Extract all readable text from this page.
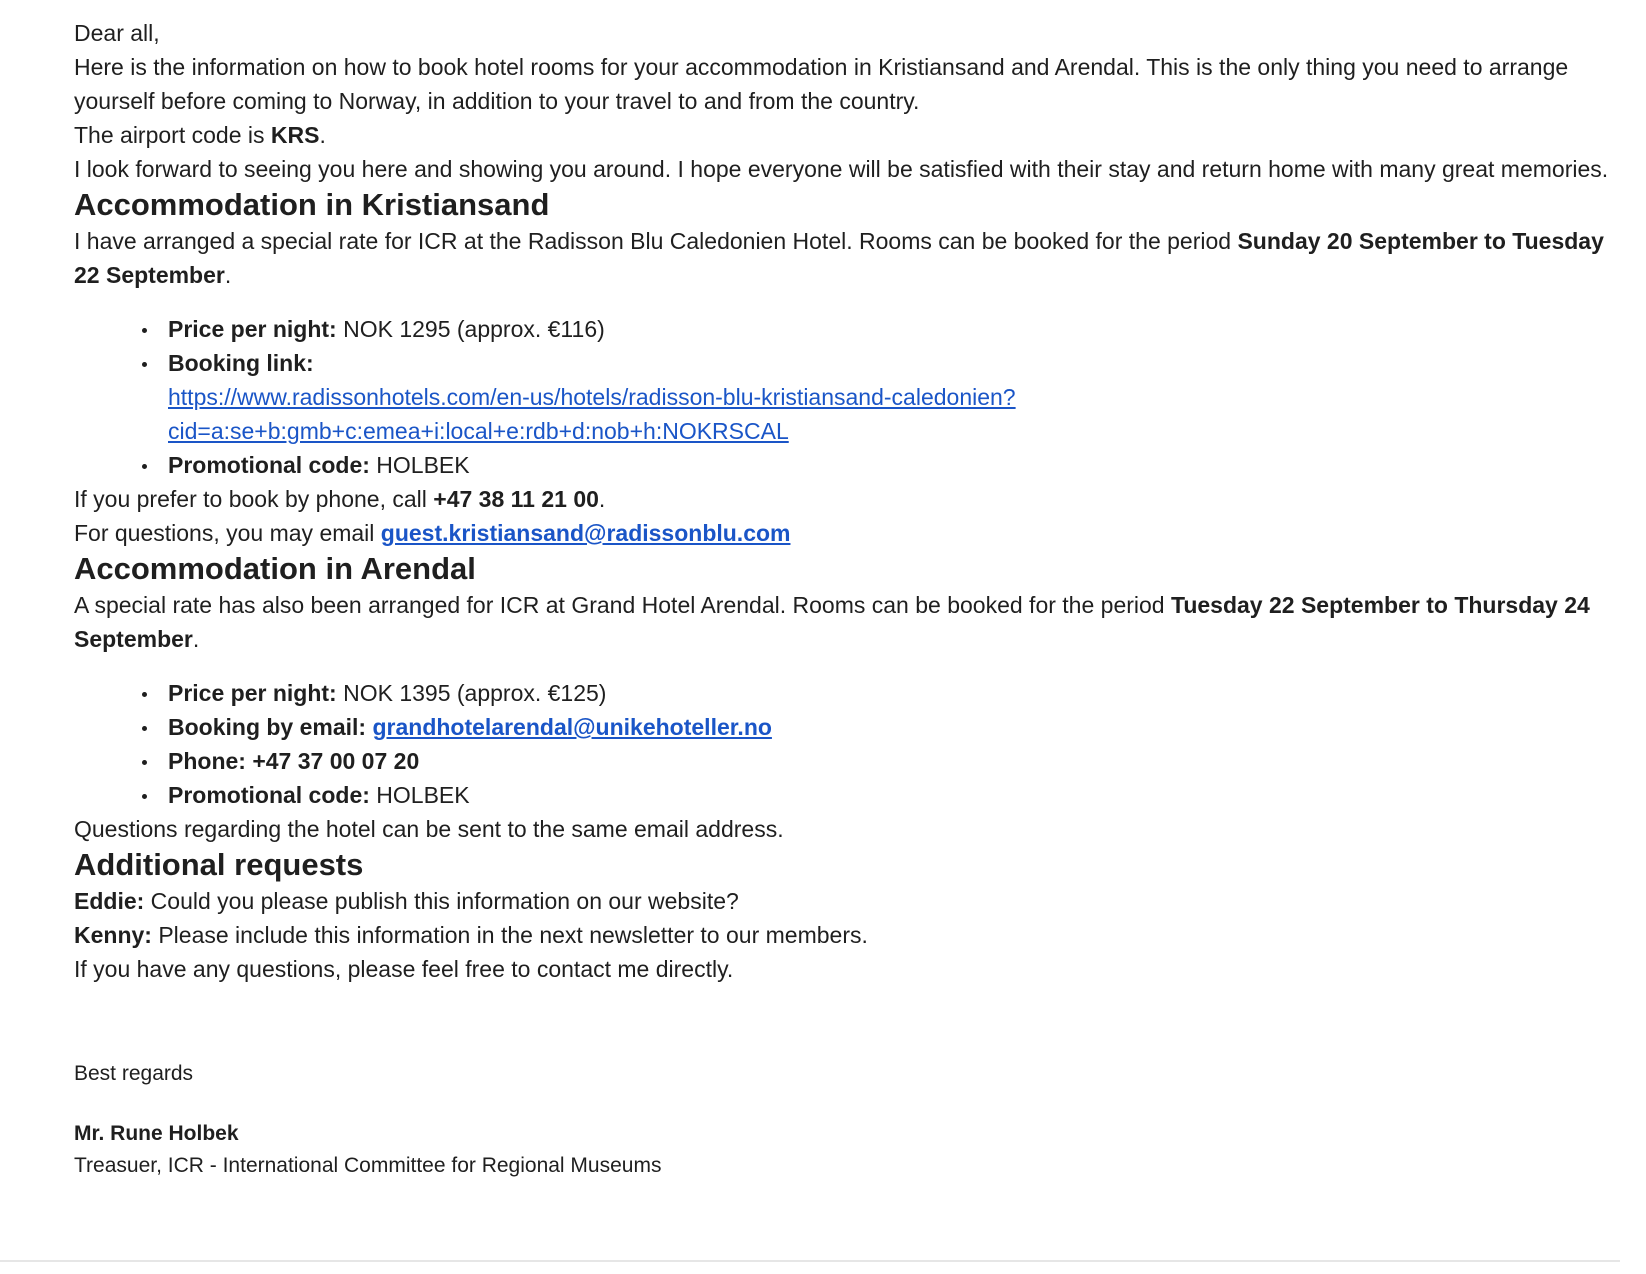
Dear all,

Here is the information on how to book hotel rooms for your accommodation in Kristiansand and Arendal. This is the only thing you need to arrange yourself before coming to Norway, in addition to your travel to and from the country.

The airport code is KRS.

I look forward to seeing you here and showing you around. I hope everyone will be satisfied with their stay and return home with many great memories.

Accommodation in Kristiansand

I have arranged a special rate for ICR at the Radisson Blu Caledonien Hotel. Rooms can be booked for the period Sunday 20 September to Tuesday 22 September.

Price per night: NOK 1295 (approx. €116)
Booking link:
https://www.radissonhotels.com/en-us/hotels/radisson-blu-kristiansand-caledonien?cid=a:se+b:gmb+c:emea+i:local+e:rdb+d:nob+h:NOKRSCAL
Promotional code: HOLBEK

If you prefer to book by phone, call +47 38 11 21 00.

For questions, you may email guest.kristiansand@radissonblu.com

Accommodation in Arendal

A special rate has also been arranged for ICR at Grand Hotel Arendal. Rooms can be booked for the period Tuesday 22 September to Thursday 24 September.

Price per night: NOK 1395 (approx. €125)
Booking by email: grandhotelarendal@unikehoteller.no
Phone: +47 37 00 07 20
Promotional code: HOLBEK

Questions regarding the hotel can be sent to the same email address.

Additional requests

Eddie: Could you please publish this information on our website?

Kenny: Please include this information in the next newsletter to our members.

If you have any questions, please feel free to contact me directly.

Best regards

Mr. Rune Holbek

Treasuer, ICR - International Committee for Regional Museums
